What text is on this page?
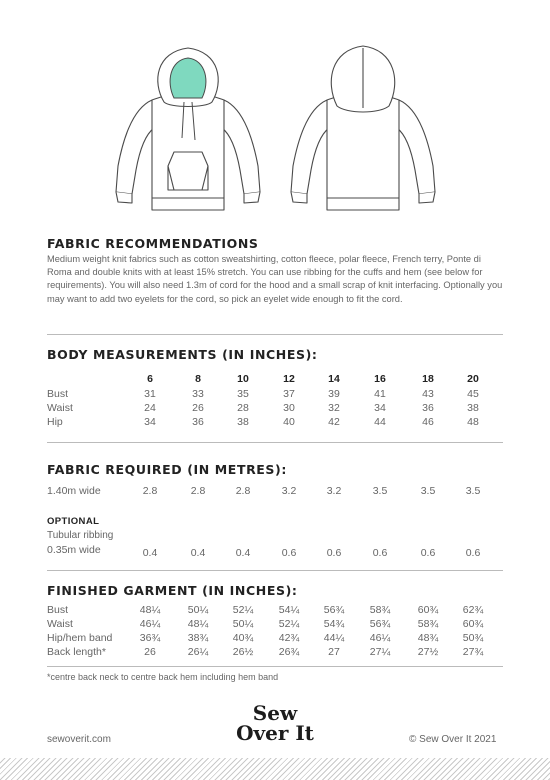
FABRIC RECOMMENDATIONS
Medium weight knit fabrics such as cotton sweatshirting, cotton fleece, polar fleece, French terry, Ponte di Roma and double knits with at least 15% stretch. You can use ribbing for the cuffs and hem (see below for requirements). You will also need 1.3m of cord for the hood and a small scrap of knit interfacing. Optionally you may want to add two eyelets for the cord, so pick an eyelet wide enough to fit the cord.
BODY MEASUREMENTS (IN INCHES):
6	8	10	12	14	16	18	20
Bust	31	33	35	37	39	41	43	45
Waist	24	26	28	30	32	34	36	38
Hip	34	36	38	40	42	44	46	48
FABRIC REQUIRED (IN METRES):
1.40m wide	2.8	2.8	2.8	3.2	3.2	3.5	3.5	3.5
OPTIONAL
Tubular ribbing
0.35m wide	0.4	0.4	0.4	0.6	0.6	0.6	0.6	0.6
FINISHED GARMENT (IN INCHES):
Bust	48¼	50¼	52¼	54¼	56¾	58¾	60¾	62¾
Waist	46¼	48¼	50¼	52¼	54¾	56¾	58¾	60¾
Hip/hem band	36¾	38¾	40¾	42¾	44¼	46¼	48¾	50¾
Back length*	26	26¼	26½	26¾	27	27¼	27½	27¾
*centre back neck to centre back hem including hem band
sewoverit.com
Sew
Over It	© Sew Over It 2021
